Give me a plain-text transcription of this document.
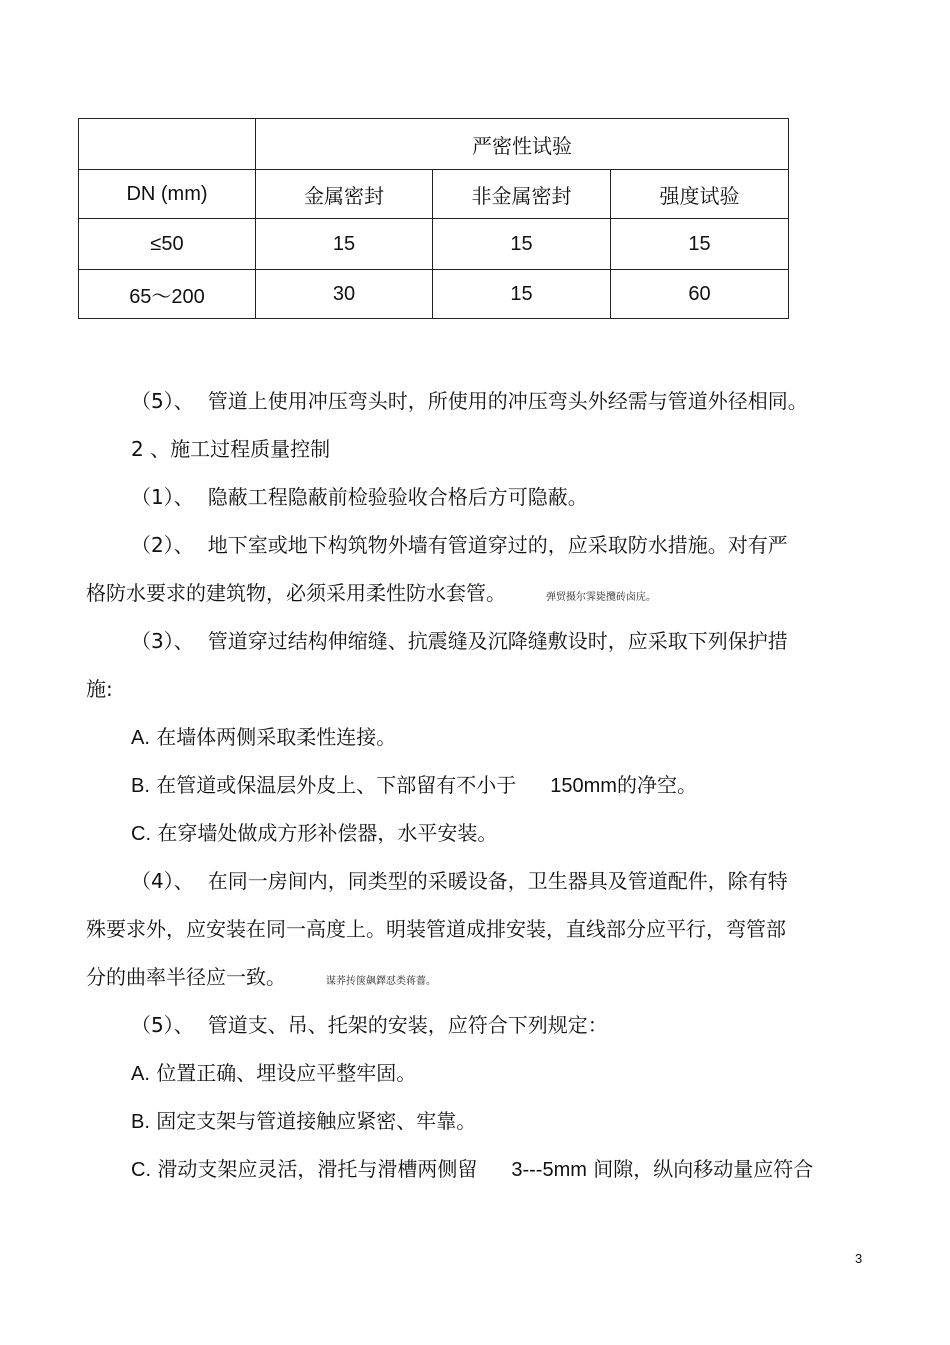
	严密性试验		
DN (mm)	金属密封	非金属密封	强度试验
≤50	15	15	15
65～200	30	15	60
（5）、 管道上使用冲压弯头时，所使用的冲压弯头外经需与管道外径相同。
2 、施工过程质量控制
（1）、 隐蔽工程隐蔽前检验验收合格后方可隐蔽。
（2）、 地下室或地下构筑物外墙有管道穿过的，应采取防水措施。对有严
格防水要求的建筑物，必须采用柔性防水套管。	弹贸摄尔霁毙攬砖卤庑。
（3）、 管道穿过结构伸缩缝、抗震缝及沉降缝敷设时，应采取下列保护措
施:
A. 在墙体两侧采取柔性连接。
B. 在管道或保温层外皮上、下部留有不小于 150mm的净空。
C. 在穿墙处做成方形补偿器，水平安装。
（4）、 在同一房间内，同类型的采暖设备，卫生器具及管道配件，除有特
殊要求外，应安装在同一高度上。明装管道成排安装，直线部分应平行，弯管部
分的曲率半径应一致。	谋荞抟箧飙鐸怼类蒋薔。
（5）、 管道支、吊、托架的安装，应符合下列规定：
A. 位置正确、埋设应平整牢固。
B. 固定支架与管道接触应紧密、牢靠。
C. 滑动支架应灵活，滑托与滑槽两侧留 3---5mm 间隙，纵向移动量应符合
3
